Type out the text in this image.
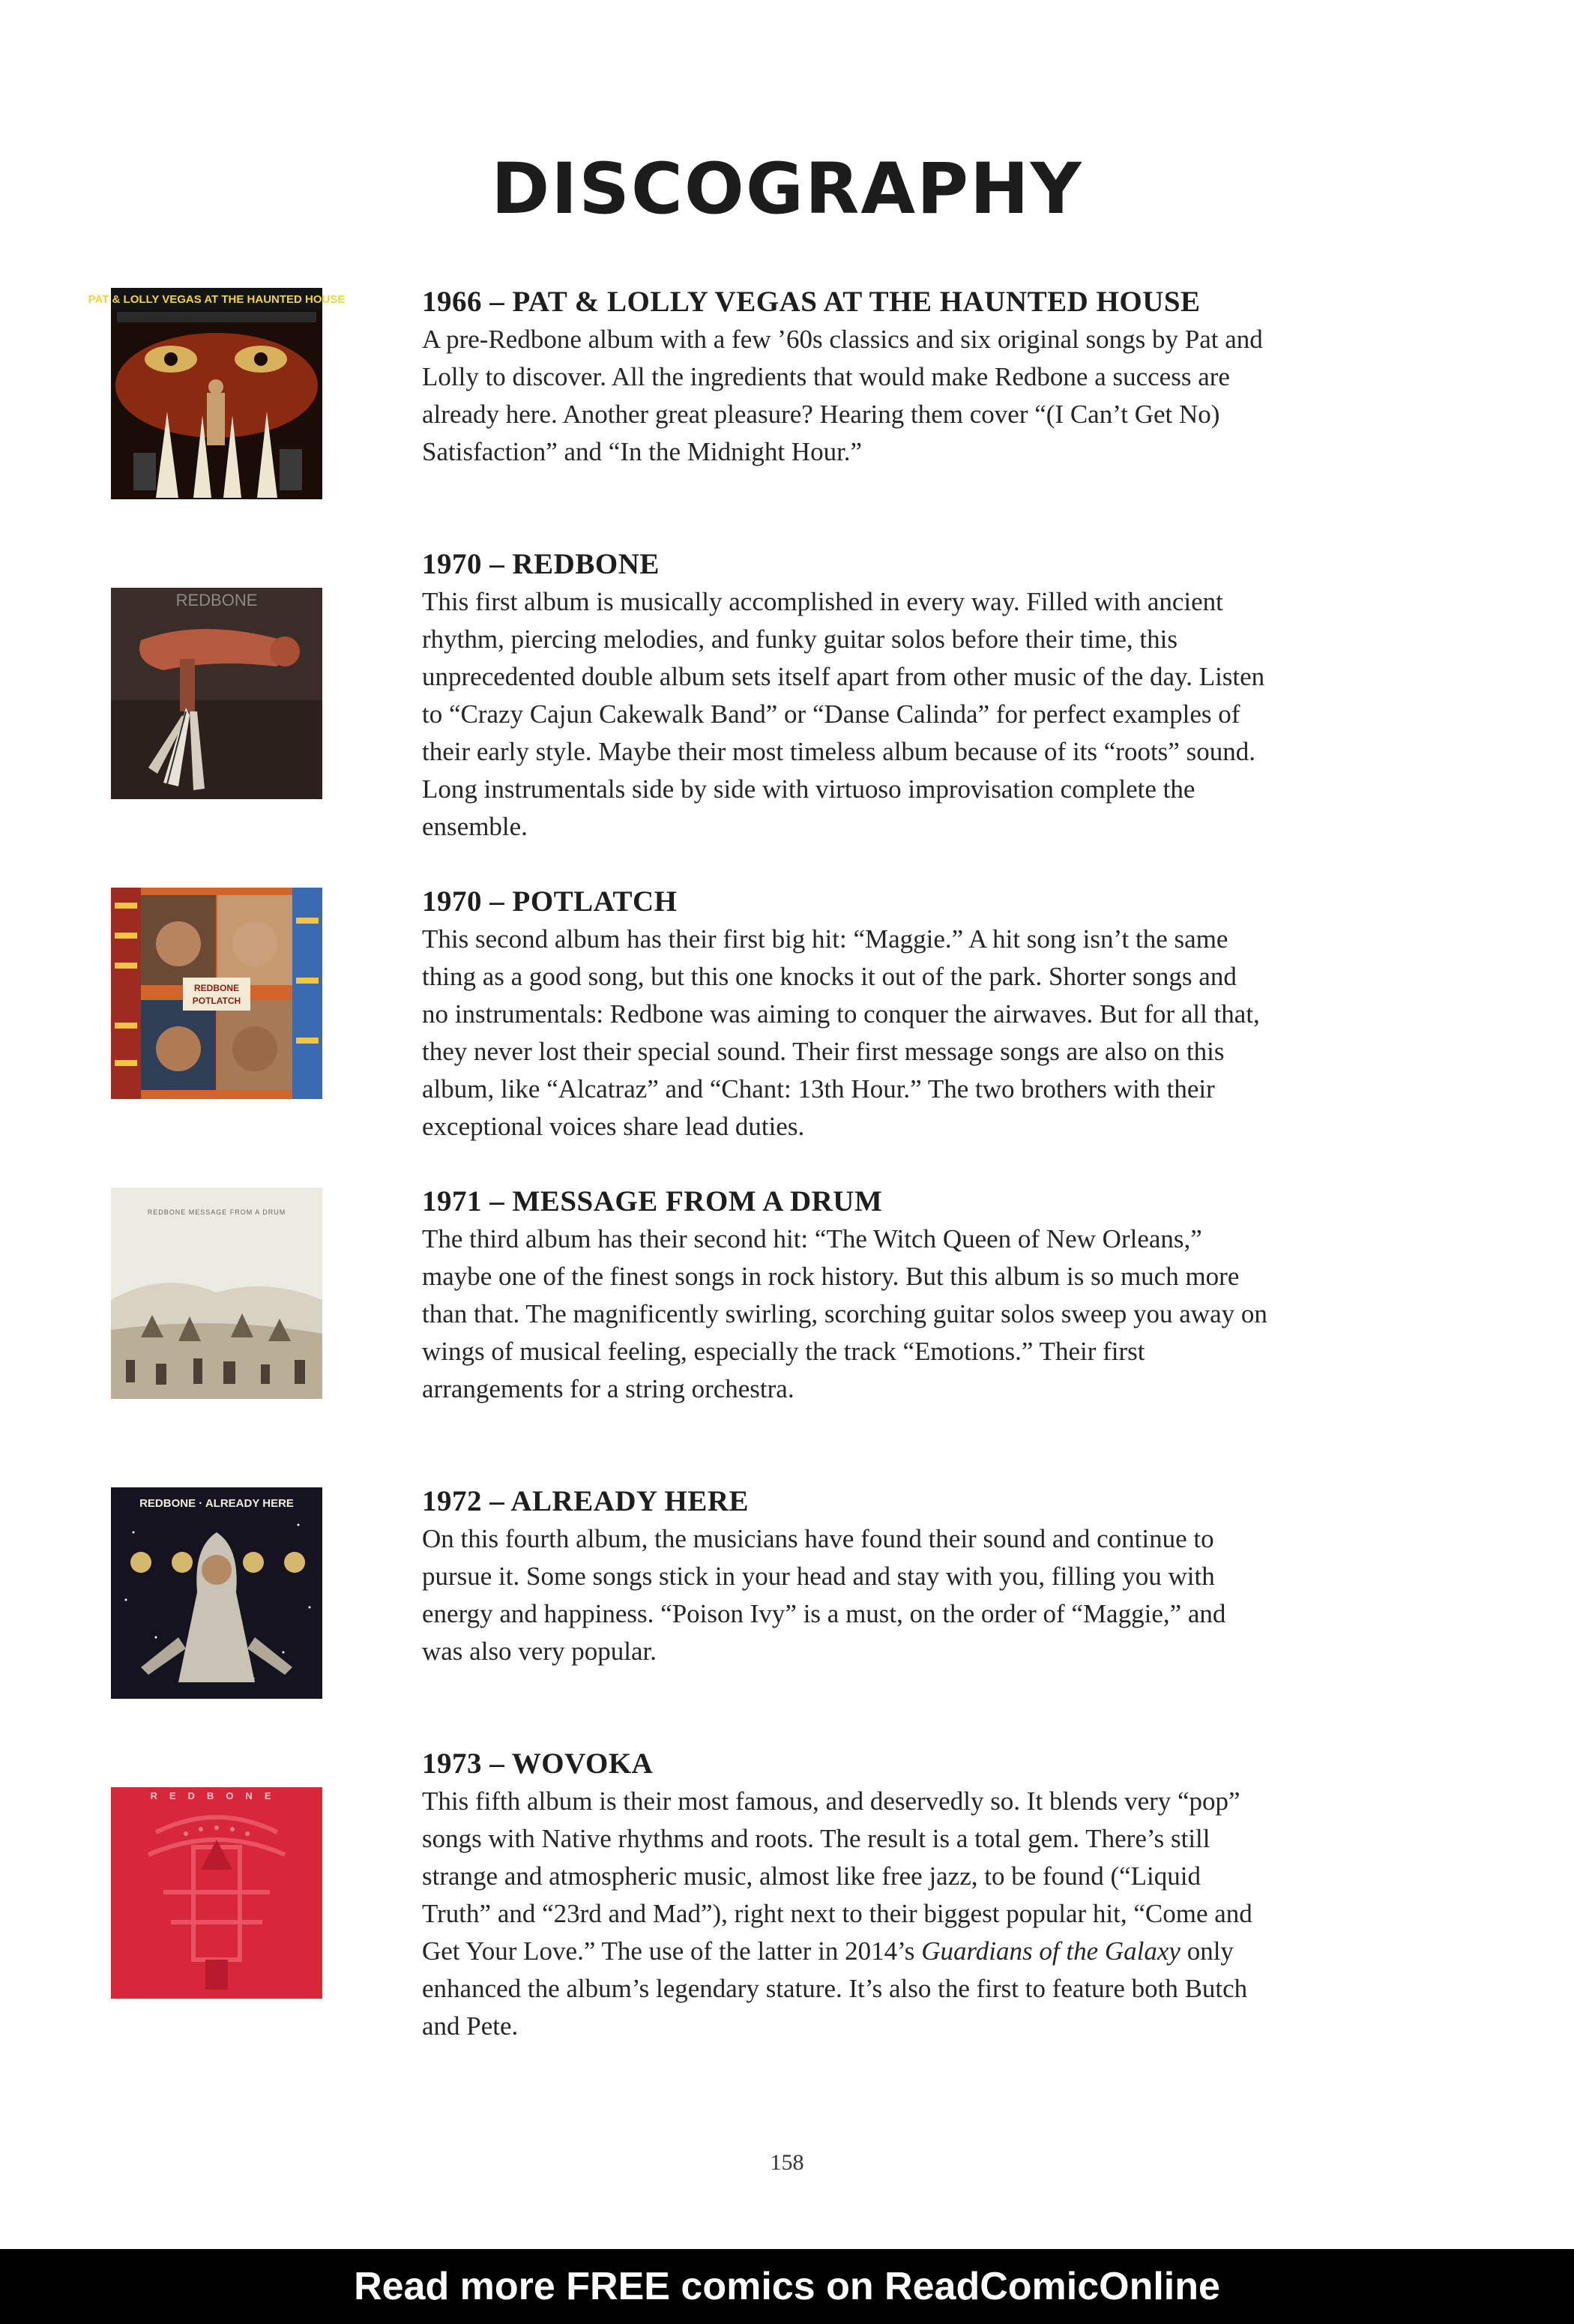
DISCOGRAPHY
PAT & LOLLY VEGAS AT THE HAUNTED HOUSE	1966 – PAT & LOLLY VEGAS AT THE HAUNTED HOUSE

A pre-Redbone album with a few ’60s classics and six original songs by Pat and Lolly to discover. All the ingredients that would make Redbone a success are already here. Another great pleasure? Hearing them cover “(I Can’t Get No) Satisfaction” and “In the Midnight Hour.”

REDBONE
1970 – REDBONE

This first album is musically accomplished in every way. Filled with ancient rhythm, piercing melodies, and funky guitar solos before their time, this unprecedented double album sets itself apart from other music of the day. Listen to “Crazy Cajun Cakewalk Band” or “Danse Calinda” for perfect examples of their early style. Maybe their most timeless album because of its “roots” sound. Long instrumentals side by side with virtuoso improvisation complete the ensemble.

REDBONE
POTLATCH
1970 – POTLATCH

This second album has their first big hit: “Maggie.” A hit song isn’t the same thing as a good song, but this one knocks it out of the park. Shorter songs and no instrumentals: Redbone was aiming to conquer the airwaves. But for all that, they never lost their special sound. Their first message songs are also on this album, like “Alcatraz” and “Chant: 13th Hour.” The two brothers with their exceptional voices share lead duties.

REDBONE MESSAGE FROM A DRUM	1971 – MESSAGE FROM A DRUM

The third album has their second hit: “The Witch Queen of New Orleans,” maybe one of the finest songs in rock history. But this album is so much more than that. The magnificently swirling, scorching guitar solos sweep you away on wings of musical feeling, especially the track “Emotions.” Their first arrangements for a string orchestra.

REDBONE · ALREADY HERE	1972 – ALREADY HERE

On this fourth album, the musicians have found their sound and continue to pursue it. Some songs stick in your head and stay with you, filling you with energy and happiness. “Poison Ivy” is a must, on the order of “Maggie,” and was also very popular.

REDBONE
1973 – WOVOKA

This fifth album is their most famous, and deservedly so. It blends very “pop” songs with Native rhythms and roots. The result is a total gem. There’s still strange and atmospheric music, almost like free jazz, to be found (“Liquid Truth” and “23rd and Mad”), right next to their biggest popular hit, “Come and Get Your Love.” The use of the latter in 2014’s Guardians of the Galaxy only enhanced the album’s legendary stature. It’s also the first to feature both Butch and Pete.

158
Read more FREE comics on ReadComicOnline
